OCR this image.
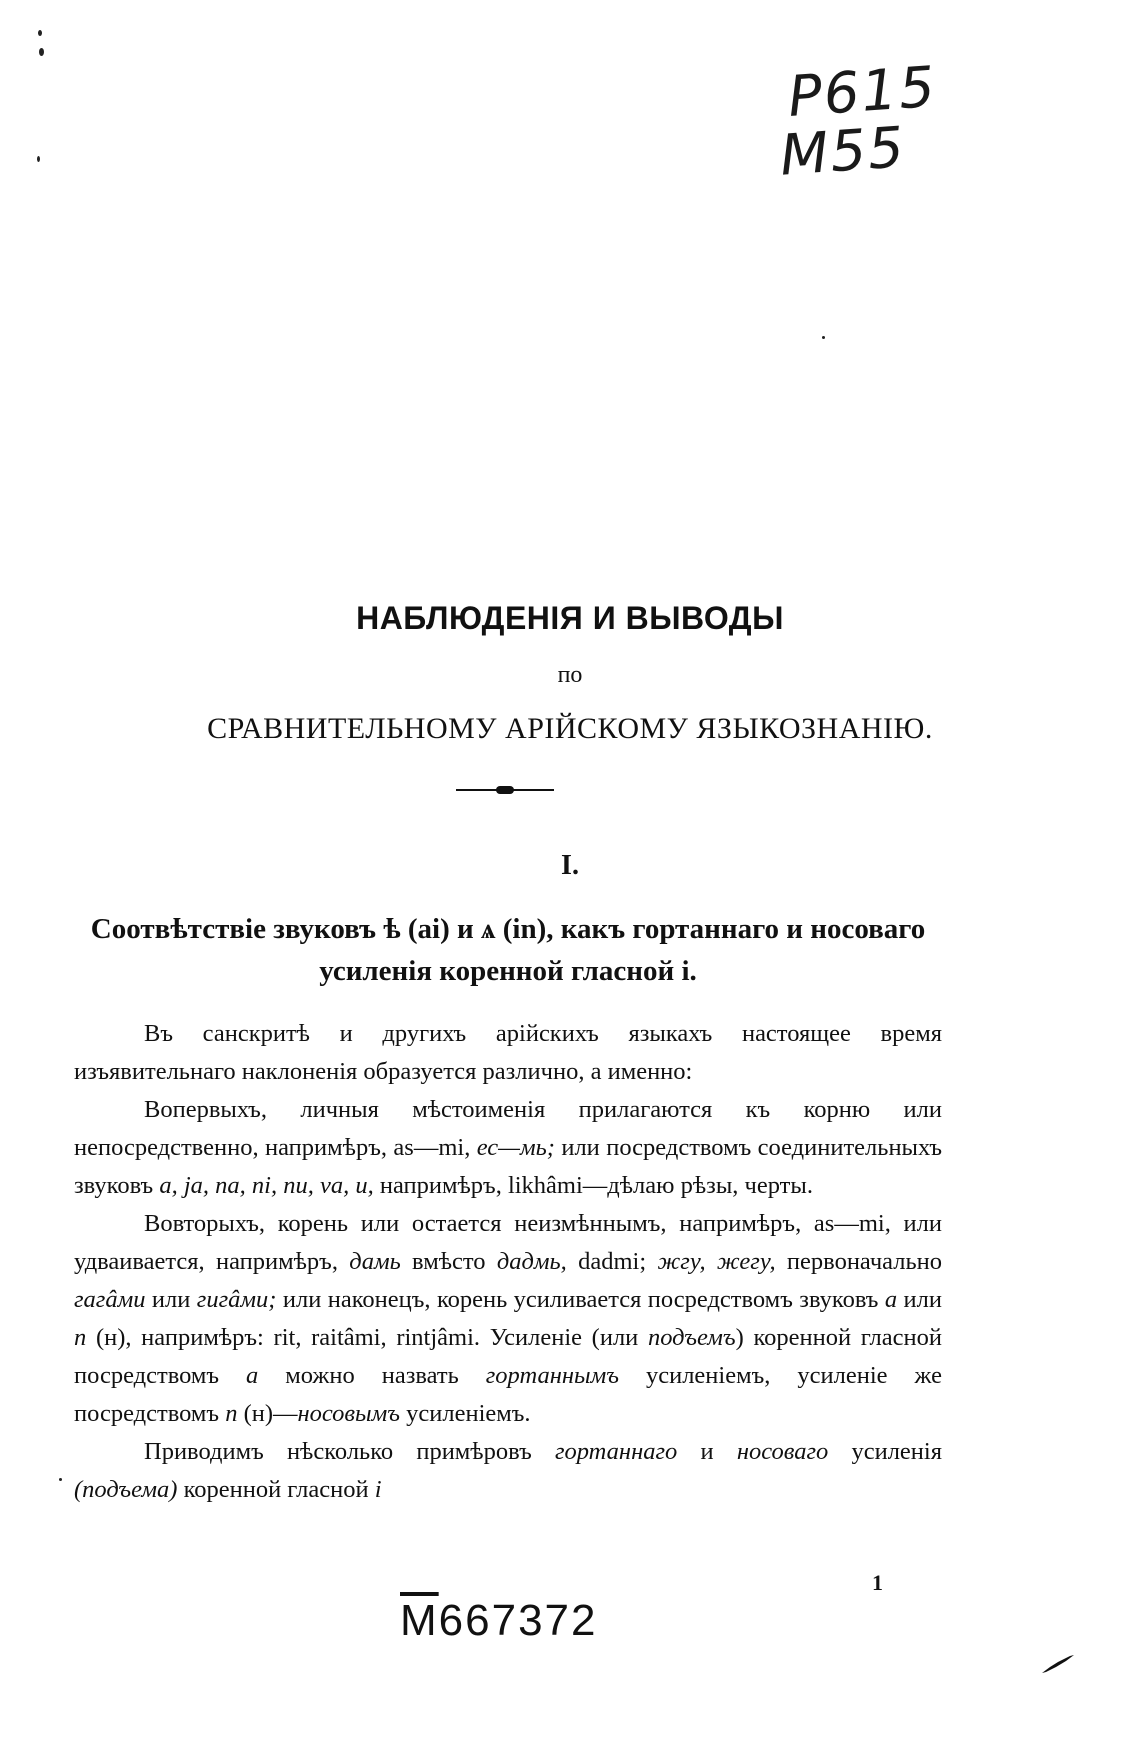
P615
M55
НАБЛЮДЕНІЯ И ВЫВОДЫ
по
СРАВНИТЕЛЬНОМУ АРІЙСКОМУ ЯЗЫКОЗНАНІЮ.
I.
Соотвѣтствіе звуковъ ѣ (ai) и ѧ (in), какъ гортаннаго и носоваго усиленія коренной гласной і.

Въ санскритѣ и другихъ арійскихъ языкахъ настоящее время изъявительнаго наклоненія образуется различно, а именно:

Вопервыхъ, личныя мѣстоименія прилагаются къ корню или непосредственно, напримѣръ, as—mi, ес—мь; или посредствомъ соединительныхъ звуковъ a, ja, na, ni, nu, va, u, напримѣръ, likhâmi—дѣлаю рѣзы, черты.

Вовторыхъ, корень или остается неизмѣннымъ, напримѣръ, as—mi, или удваивается, напримѣръ, дамь вмѣсто дадмь, dadmi; жгу, жегу, первоначально гагâми или гигâми; или наконецъ, корень усиливается посредствомъ звуковъ a или n (н), напримѣръ: rit, raitâmi, rintjâmi. Усиленіе (или подъемъ) коренной гласной посредствомъ a можно назвать гортаннымъ усиленіемъ, усиленіе же посредствомъ n (н)—носовымъ усиленіемъ.

Приводимъ нѣсколько примѣровъ гортаннаго и носоваго усиленія (подъема) коренной гласной і

1
$\overline{M}667372$
